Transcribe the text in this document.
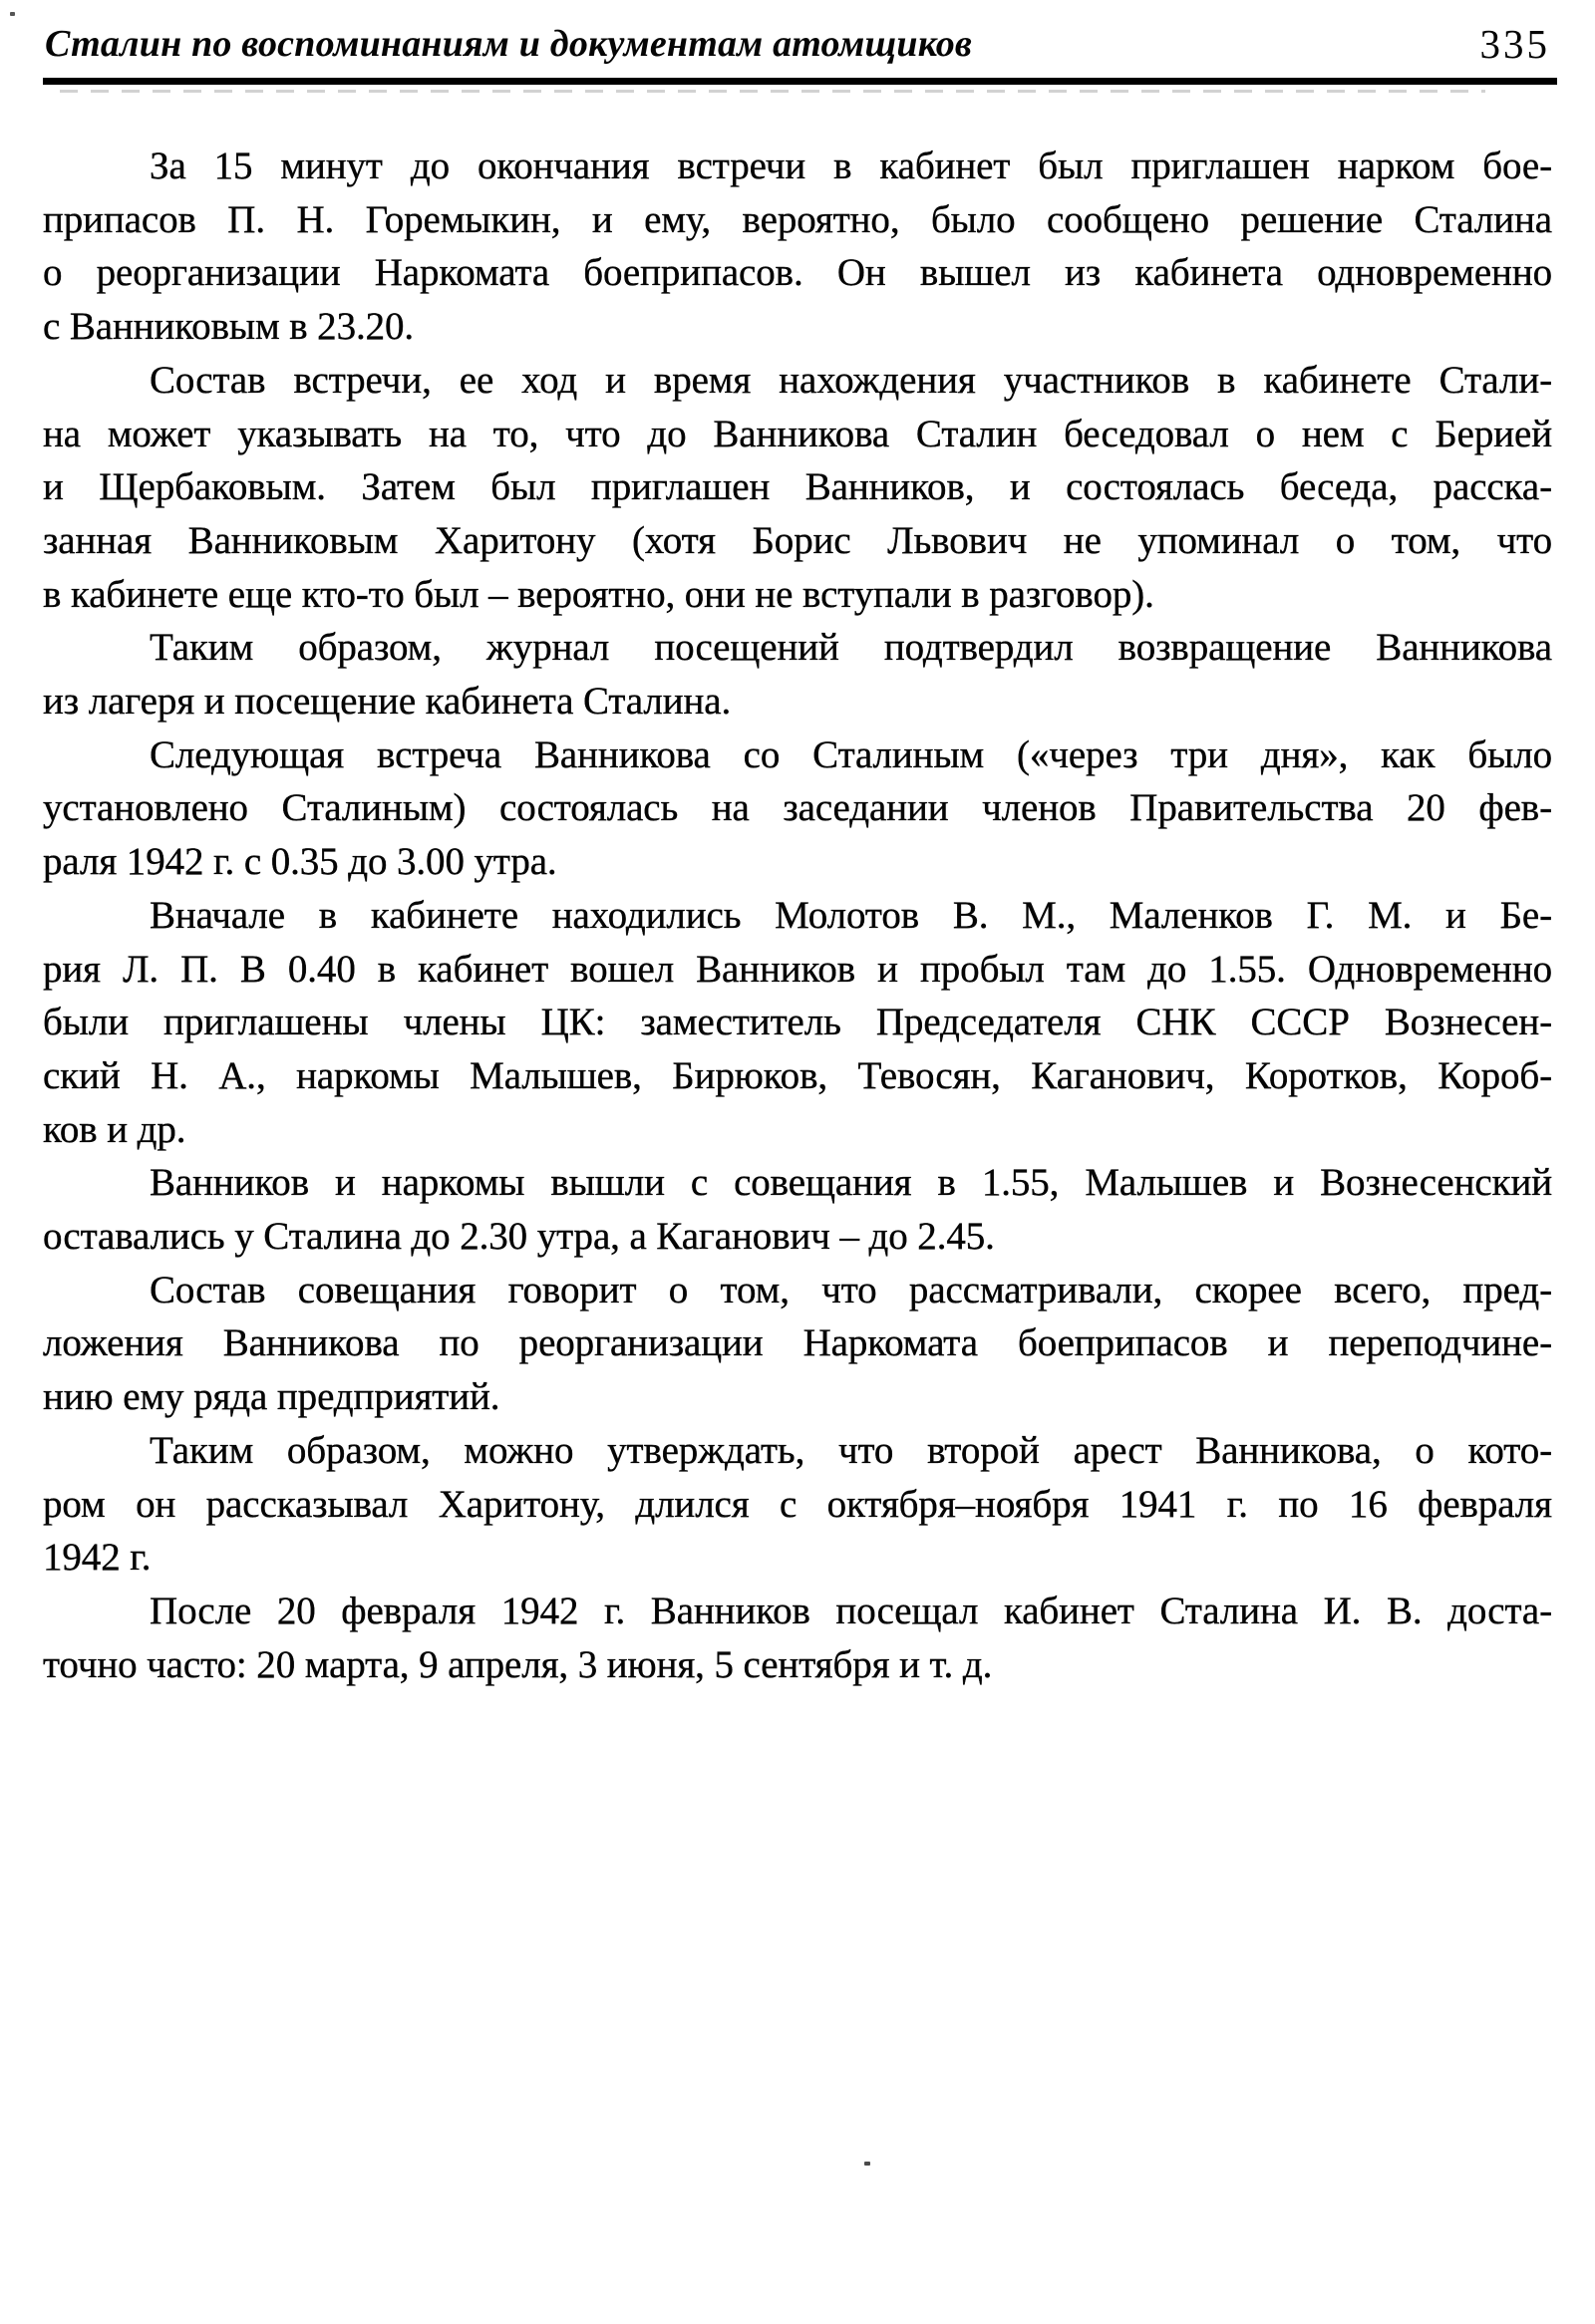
Сталин по воспоминаниям и документам атомщиков	335

За 15 минут до окончания встречи в кабинет был приглашен нарком бое-
припасов П. Н. Горемыкин, и ему, вероятно, было сообщено решение Сталина
о реорганизации Наркомата боеприпасов. Он вышел из кабинета одновременно
с Ванниковым в 23.20.

Состав встречи, ее ход и время нахождения участников в кабинете Стали-
на может указывать на то, что до Ванникова Сталин беседовал о нем с Берией
и Щербаковым. Затем был приглашен Ванников, и состоялась беседа, расска-
занная Ванниковым Харитону (хотя Борис Львович не упоминал о том, что
в кабинете еще кто-то был – вероятно, они не вступали в разговор).

Таким образом, журнал посещений подтвердил возвращение Ванникова
из лагеря и посещение кабинета Сталина.

Следующая встреча Ванникова со Сталиным («через три дня», как было
установлено Сталиным) состоялась на заседании членов Правительства 20 фев-
раля 1942 г. с 0.35 до 3.00 утра.

Вначале в кабинете находились Молотов В. М., Маленков Г. М. и Бе-
рия Л. П. В 0.40 в кабинет вошел Ванников и пробыл там до 1.55. Одновременно
были приглашены члены ЦК: заместитель Председателя СНК СССР Вознесен-
ский Н. А., наркомы Малышев, Бирюков, Тевосян, Каганович, Коротков, Короб-
ков и др.

Ванников и наркомы вышли с совещания в 1.55, Малышев и Вознесенский
оставались у Сталина до 2.30 утра, а Каганович – до 2.45.

Состав совещания говорит о том, что рассматривали, скорее всего, пред-
ложения Ванникова по реорганизации Наркомата боеприпасов и переподчине-
нию ему ряда предприятий.

Таким образом, можно утверждать, что второй арест Ванникова, о кото-
ром он рассказывал Харитону, длился с октября–ноября 1941 г. по 16 февраля
1942 г.

После 20 февраля 1942 г. Ванников посещал кабинет Сталина И. В. доста-
точно часто: 20 марта, 9 апреля, 3 июня, 5 сентября и т. д.
